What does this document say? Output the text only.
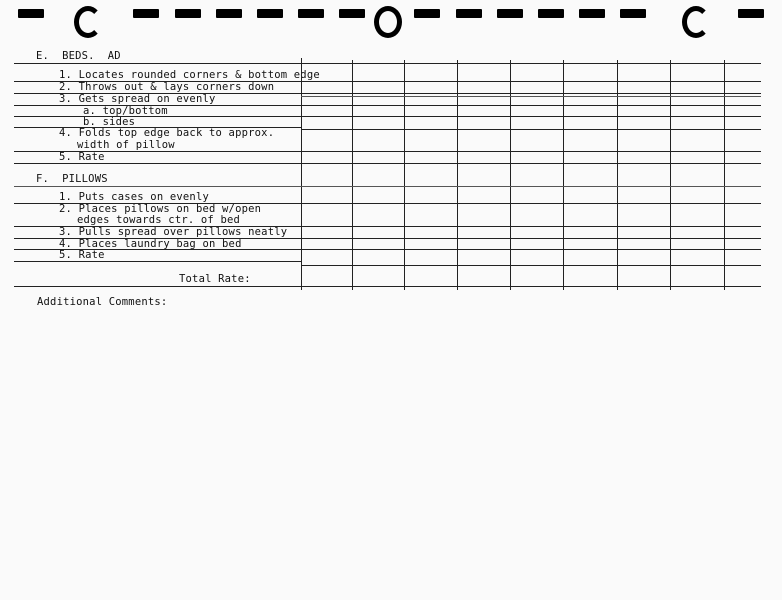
E.  BEDS.  AD
1. Locates rounded corners & bottom edge
2. Throws out & lays corners down
3. Gets spread on evenly
a. top/bottom
b. sides
4. Folds top edge back to approx.
width of pillow
5. Rate
F.  PILLOWS
1. Puts cases on evenly
2. Places pillows on bed w/open
edges towards ctr. of bed
3. Pulls spread over pillows neatly
4. Places laundry bag on bed
5. Rate
Total Rate:
Additional Comments:
